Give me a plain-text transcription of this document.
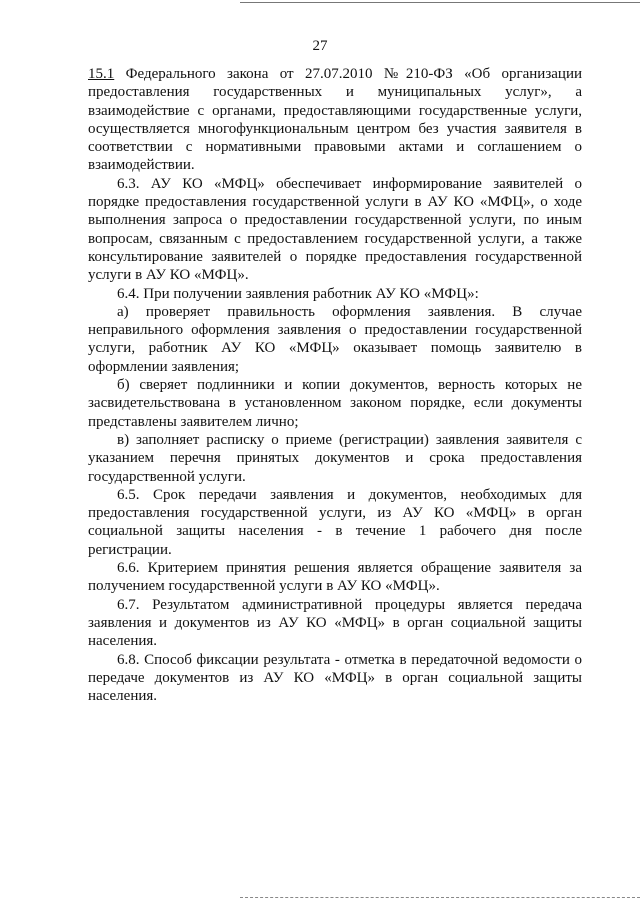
27

15.1 Федерального закона от 27.07.2010 №210-ФЗ «Об организации предоставления государственных и муниципальных услуг», а взаимодействие с органами, предоставляющими государственные услуги, осуществляется многофункциональным центром без участия заявителя в соответствии с нормативными правовыми актами и соглашением о взаимодействии.

6.3. АУ КО «МФЦ» обеспечивает информирование заявителей о порядке предоставления государственной услуги в АУ КО «МФЦ», о ходе выполнения запроса о предоставлении государственной услуги, по иным вопросам, связанным с предоставлением государственной услуги, а также консультирование заявителей о порядке предоставления государственной услуги в АУ КО «МФЦ».

6.4. При получении заявления работник АУ КО «МФЦ»:

а) проверяет правильность оформления заявления. В случае неправильного оформления заявления о предоставлении государственной услуги, работник АУ КО «МФЦ» оказывает помощь заявителю в оформлении заявления;

б) сверяет подлинники и копии документов, верность которых не засвидетельствована в установленном законом порядке, если документы представлены заявителем лично;

в) заполняет расписку о приеме (регистрации) заявления заявителя с указанием перечня принятых документов и срока предоставления государственной услуги.

6.5. Срок передачи заявления и документов, необходимых для предоставления государственной услуги, из АУ КО «МФЦ» в орган социальной защиты населения - в течение 1 рабочего дня после регистрации.

6.6. Критерием принятия решения является обращение заявителя за получением государственной услуги в АУ КО «МФЦ».

6.7. Результатом административной процедуры является передача заявления и документов из АУ КО «МФЦ» в орган социальной защиты населения.

6.8. Способ фиксации результата - отметка в передаточной ведомости о передаче документов из АУ КО «МФЦ» в орган социальной защиты населения.
